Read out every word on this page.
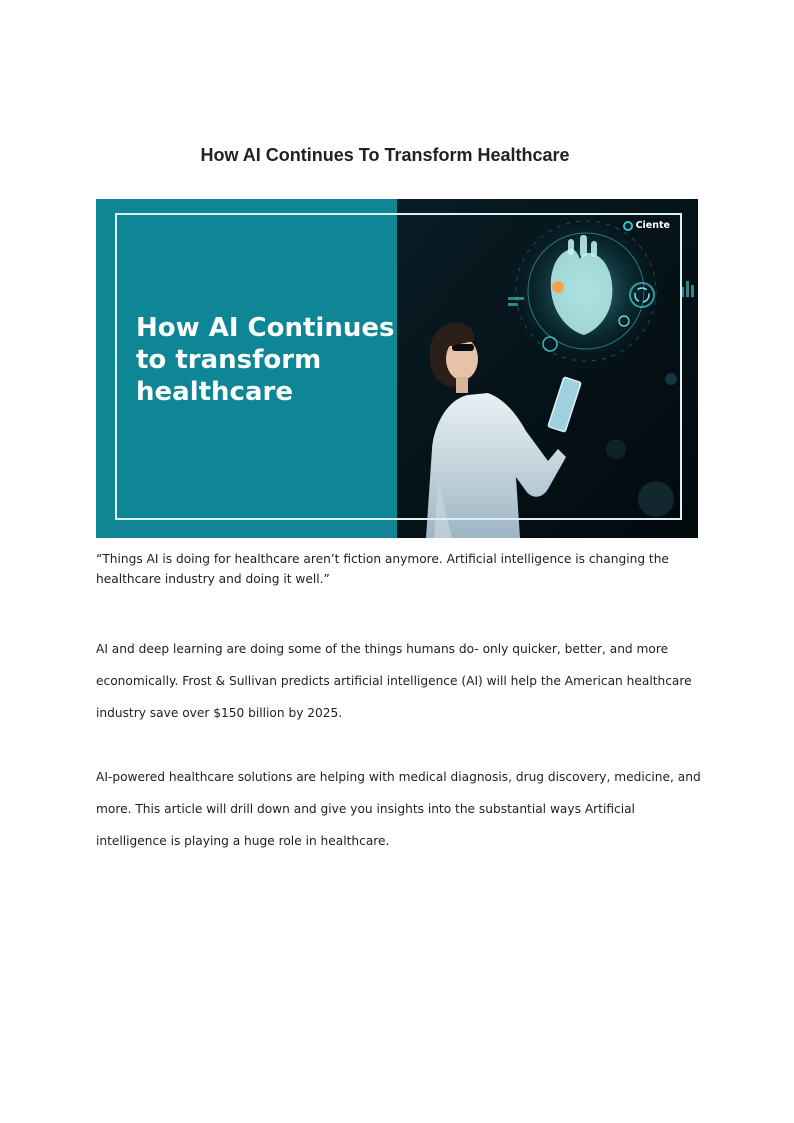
How AI Continues To Transform Healthcare

How AI Continues
to transform
healthcare

Ciente

“Things AI is doing for healthcare aren’t fiction anymore. Artificial intelligence is changing the healthcare industry and doing it well.”

AI and deep learning are doing some of the things humans do- only quicker, better, and more economically. Frost & Sullivan predicts artificial intelligence (AI) will help the American healthcare industry save over $150 billion by 2025.

AI-powered healthcare solutions are helping with medical diagnosis, drug discovery, medicine, and more. This article will drill down and give you insights into the substantial ways Artificial intelligence is playing a huge role in healthcare.
